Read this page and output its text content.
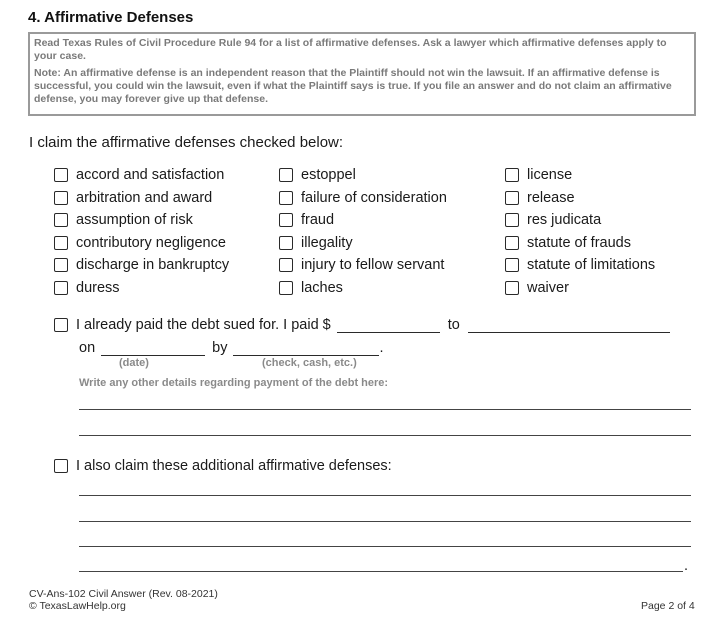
4. Affirmative Defenses

Read Texas Rules of Civil Procedure Rule 94 for a list of affirmative defenses. Ask a lawyer which affirmative defenses apply to your case.

Note: An affirmative defense is an independent reason that the Plaintiff should not win the lawsuit. If an affirmative defense is successful, you could win the lawsuit, even if what the Plaintiff says is true. If you file an answer and do not claim an affirmative defense, you may forever give up that defense.

I claim the affirmative defenses checked below:
accord and satisfaction
arbitration and award
assumption of risk
contributory negligence
discharge in bankruptcy
duress
estoppel
failure of consideration
fraud
illegality
injury to fellow servant
laches
license
release
res judicata
statute of frauds
statute of limitations
waiver
I already paid the debt sued for. I paid $	to
on	by	.
(date)	(check, cash, etc.)
Write any other details regarding payment of the debt here:
I also claim these additional affirmative defenses:
.
CV-Ans-102 Civil Answer (Rev. 08-2021)
© TexasLawHelp.org	Page 2 of 4
